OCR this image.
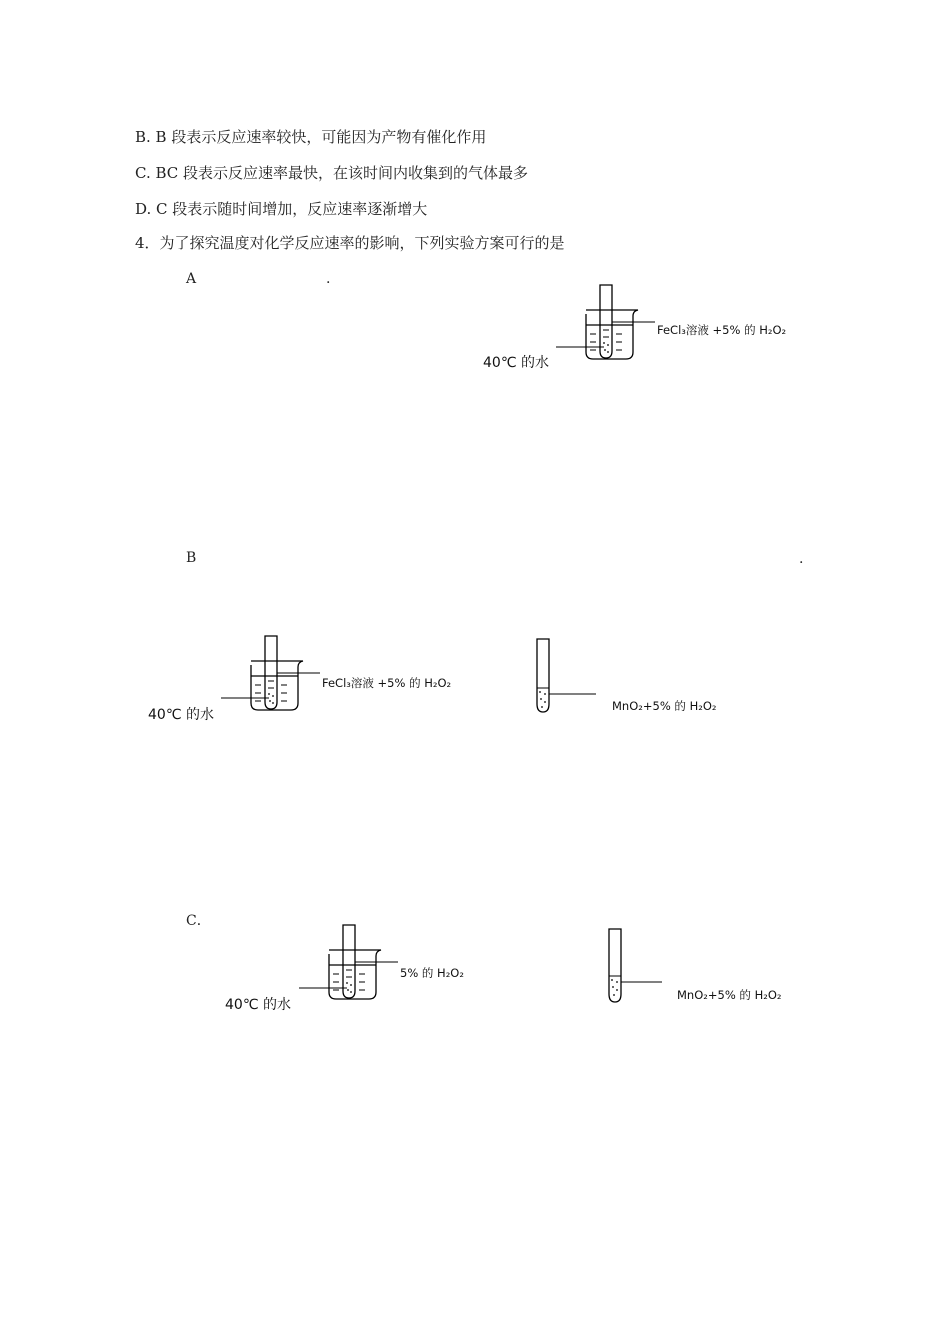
B. B 段表示反应速率较快，可能因为产物有催化作用
C. BC 段表示反应速率最快，在该时间内收集到的气体最多
D. C 段表示随时间增加，反应速率逐渐增大
4．为了探究温度对化学反应速率的影响，下列实验方案可行的是
A	.
FeCl₃溶液 +5% 的 H₂O₂
40℃ 的水
B	.
FeCl₃溶液 +5% 的 H₂O₂
40℃ 的水
MnO₂+5% 的 H₂O₂
C．
5% 的 H₂O₂
40℃ 的水
MnO₂+5% 的 H₂O₂
